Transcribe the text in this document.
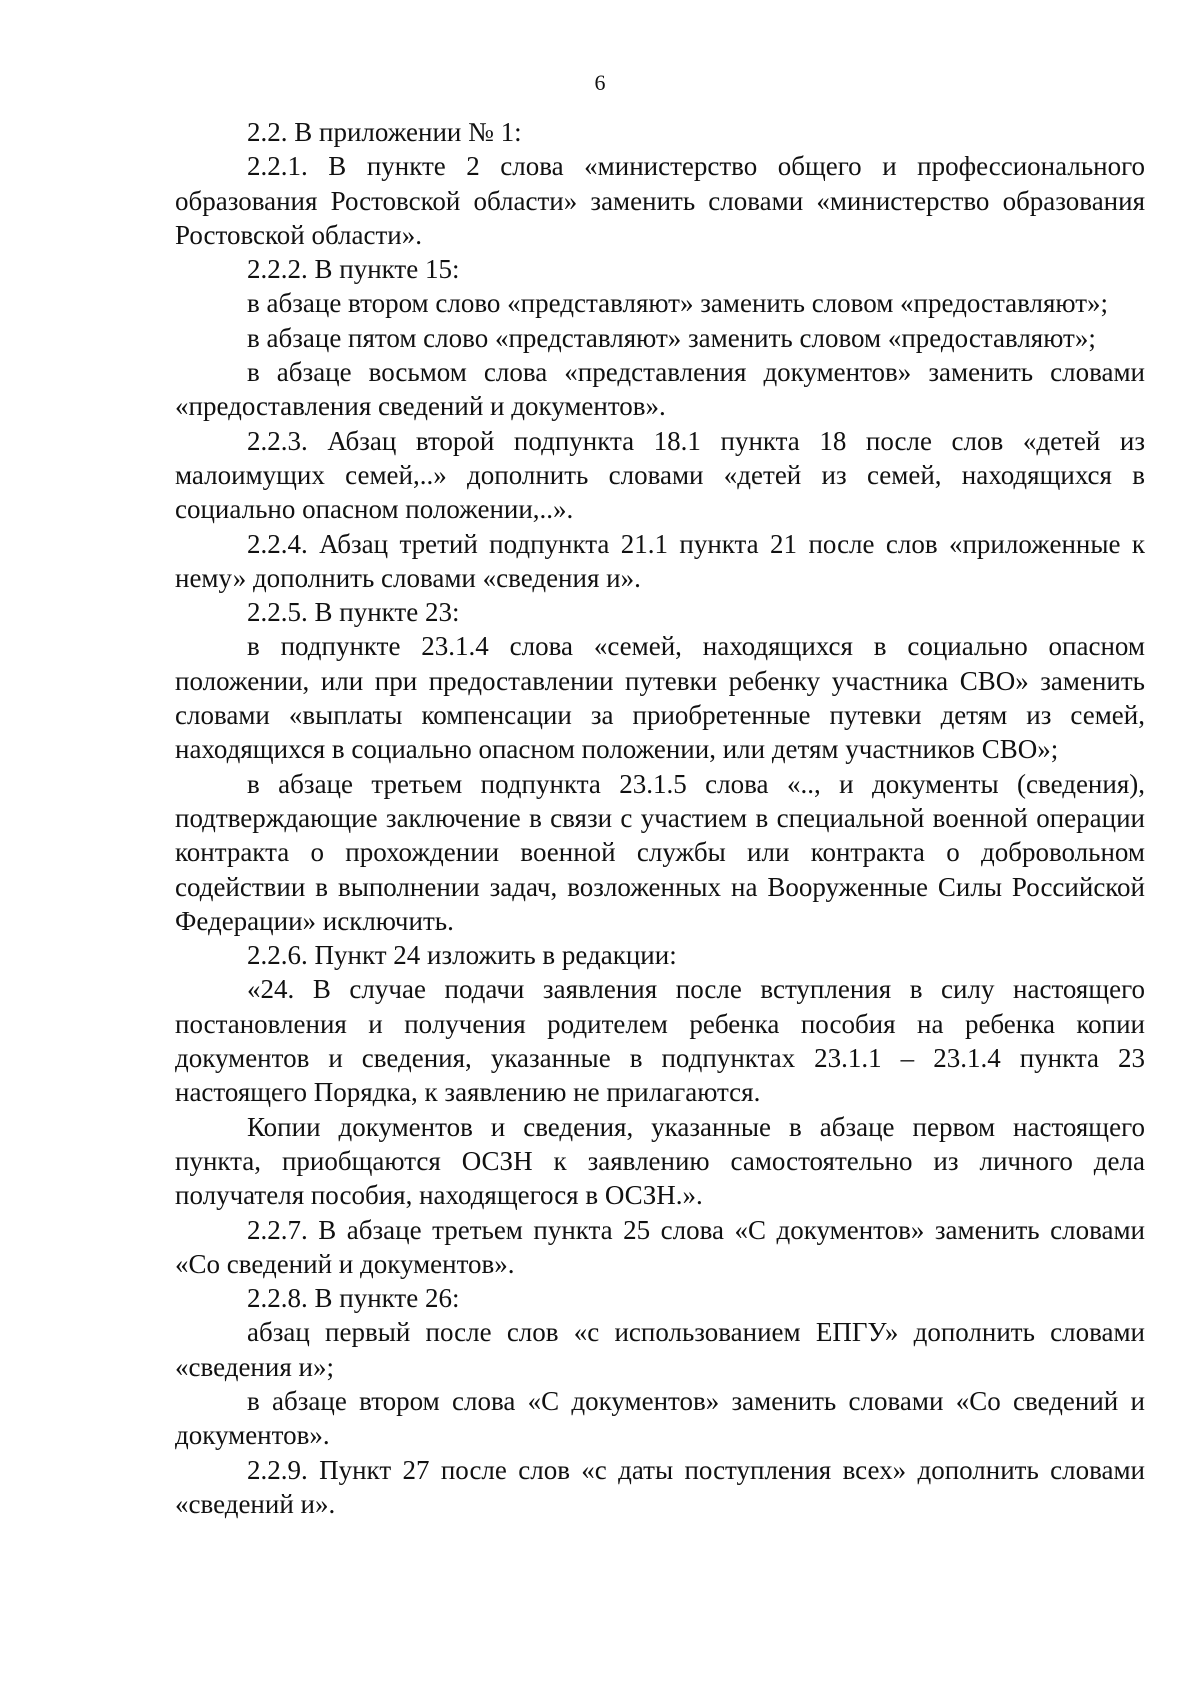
6

2.2. В приложении № 1:

2.2.1. В пункте 2 слова «министерство общего и профессионального образования Ростовской области» заменить словами «министерство образования Ростовской области».

2.2.2. В пункте 15:

в абзаце втором слово «представляют» заменить словом «предоставляют»;

в абзаце пятом слово «представляют» заменить словом «предоставляют»;

в абзаце восьмом слова «представления документов» заменить словами «предоставления сведений и документов».

2.2.3. Абзац второй подпункта 18.1 пункта 18 после слов «детей из малоимущих семей,..» дополнить словами «детей из семей, находящихся в социально опасном положении,..».

2.2.4. Абзац третий подпункта 21.1 пункта 21 после слов «приложенные к нему» дополнить словами «сведения и».

2.2.5. В пункте 23:

в подпункте 23.1.4 слова «семей, находящихся в социально опасном положении, или при предоставлении путевки ребенку участника СВО» заменить словами «выплаты компенсации за приобретенные путевки детям из семей, находящихся в социально опасном положении, или детям участников СВО»;

в абзаце третьем подпункта 23.1.5 слова «.., и документы (сведения), подтверждающие заключение в связи с участием в специальной военной операции контракта о прохождении военной службы или контракта о добровольном содействии в выполнении задач, возложенных на Вооруженные Силы Российской Федерации» исключить.

2.2.6. Пункт 24 изложить в редакции:

«24. В случае подачи заявления после вступления в силу настоящего постановления и получения родителем ребенка пособия на ребенка копии документов и сведения, указанные в подпунктах 23.1.1 – 23.1.4 пункта 23 настоящего Порядка, к заявлению не прилагаются.

Копии документов и сведения, указанные в абзаце первом настоящего пункта, приобщаются ОСЗН к заявлению самостоятельно из личного дела получателя пособия, находящегося в ОСЗН.».

2.2.7. В абзаце третьем пункта 25 слова «С документов» заменить словами «Со сведений и документов».

2.2.8. В пункте 26:

абзац первый после слов «с использованием ЕПГУ» дополнить словами «сведения и»;

в абзаце втором слова «С документов» заменить словами «Со сведений и документов».

2.2.9. Пункт 27 после слов «с даты поступления всех» дополнить словами «сведений и».
